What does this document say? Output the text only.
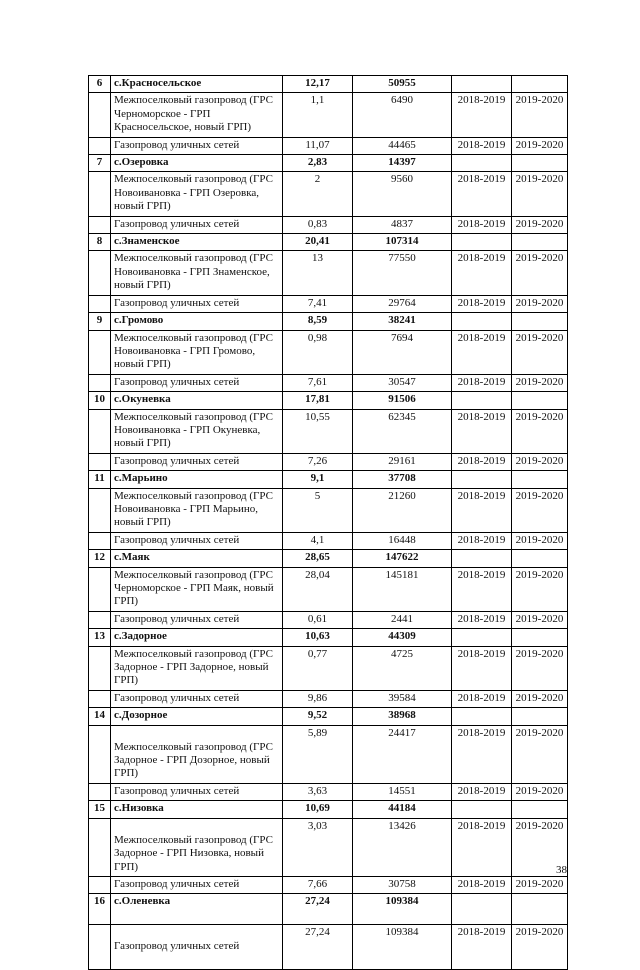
6	с.Красносельское	12,17	50955		
	Межпоселковый газопровод (ГРС Черноморское - ГРП Красносельское, новый ГРП)	1,1	6490	2018-2019	2019-2020
	Газопровод уличных сетей	11,07	44465	2018-2019	2019-2020
7	с.Озеровка	2,83	14397		
	Межпоселковый газопровод (ГРС Новоивановка - ГРП Озеровка, новый ГРП)	2	9560	2018-2019	2019-2020
	Газопровод уличных сетей	0,83	4837	2018-2019	2019-2020
8	с.Знаменское	20,41	107314		
	Межпоселковый газопровод (ГРС Новоивановка - ГРП Знаменское, новый ГРП)	13	77550	2018-2019	2019-2020
	Газопровод уличных сетей	7,41	29764	2018-2019	2019-2020
9	с.Громово	8,59	38241		
	Межпоселковый газопровод (ГРС Новоивановка - ГРП Громово, новый ГРП)	0,98	7694	2018-2019	2019-2020
	Газопровод уличных сетей	7,61	30547	2018-2019	2019-2020
10	с.Окуневка	17,81	91506		
	Межпоселковый газопровод (ГРС Новоивановка - ГРП Окуневка, новый ГРП)	10,55	62345	2018-2019	2019-2020
	Газопровод уличных сетей	7,26	29161	2018-2019	2019-2020
11	с.Марьино	9,1	37708		
	Межпоселковый газопровод (ГРС Новоивановка - ГРП Марьино, новый ГРП)	5	21260	2018-2019	2019-2020
	Газопровод уличных сетей	4,1	16448	2018-2019	2019-2020
12	с.Маяк	28,65	147622		
	Межпоселковый газопровод (ГРС Черноморское - ГРП Маяк, новый ГРП)	28,04	145181	2018-2019	2019-2020
	Газопровод уличных сетей	0,61	2441	2018-2019	2019-2020
13	с.Задорное	10,63	44309		
	Межпоселковый газопровод (ГРС Задорное - ГРП Задорное, новый ГРП)	0,77	4725	2018-2019	2019-2020
	Газопровод уличных сетей	9,86	39584	2018-2019	2019-2020
14	с.Дозорное	9,52	38968		
	Межпоселковый газопровод (ГРС Задорное - ГРП Дозорное, новый ГРП)	5,89	24417	2018-2019	2019-2020
	Газопровод уличных сетей	3,63	14551	2018-2019	2019-2020
15	с.Низовка	10,69	44184		
	Межпоселковый газопровод (ГРС Задорное - ГРП Низовка, новый ГРП)	3,03	13426	2018-2019	2019-2020
	Газопровод уличных сетей	7,66	30758	2018-2019	2019-2020
16	с.Оленевка	27,24	109384		
	Газопровод уличных сетей	27,24	109384	2018-2019	2019-2020
38
